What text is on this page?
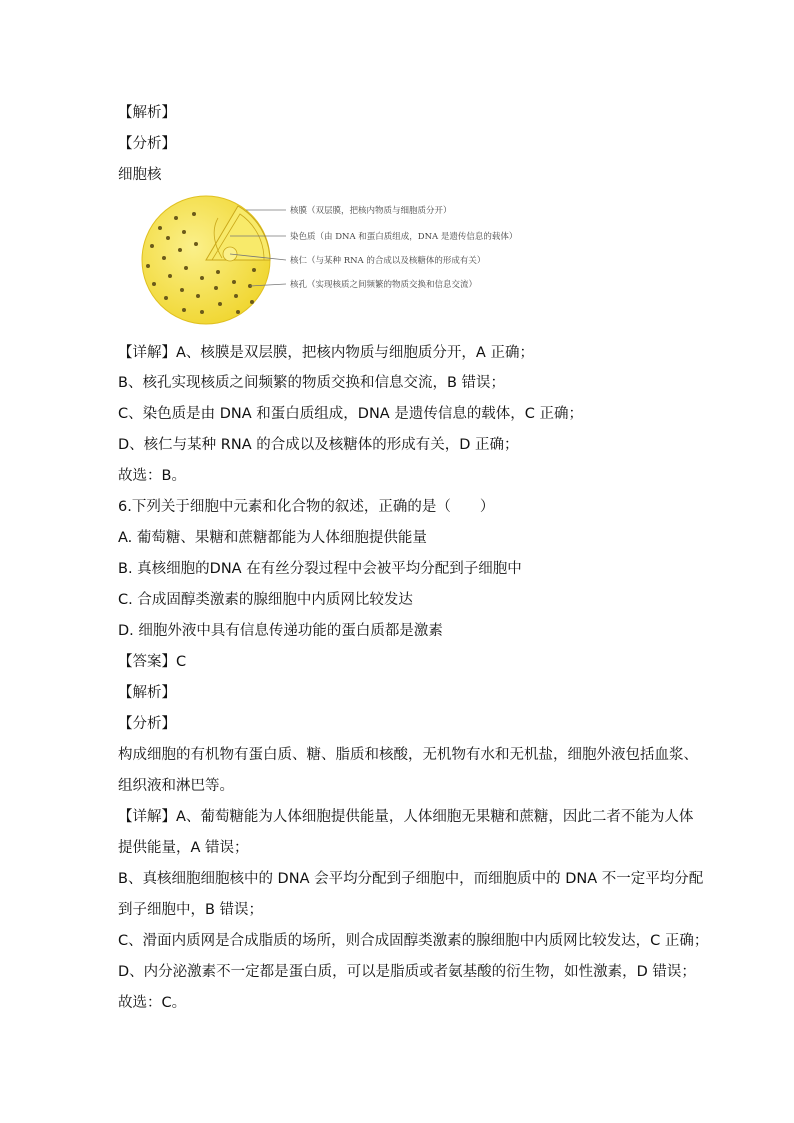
【解析】
【分析】
细胞核
核膜（双层膜，把核内物质与细胞质分开）
染色质（由 DNA 和蛋白质组成，DNA 是遗传信息的载体）
核仁（与某种 RNA 的合成以及核糖体的形成有关）
核孔（实现核质之间频繁的物质交换和信息交流）
【详解】A、核膜是双层膜，把核内物质与细胞质分开，A 正确；
B、核孔实现核质之间频繁的物质交换和信息交流，B 错误；
C、染色质是由 DNA 和蛋白质组成，DNA 是遗传信息的载体，C 正确；
D、核仁与某种 RNA 的合成以及核糖体的形成有关，D 正确；
故选：B。
6.下列关于细胞中元素和化合物的叙述，正确的是（　　）
A. 葡萄糖、果糖和蔗糖都能为人体细胞提供能量
B. 真核细胞的DNA 在有丝分裂过程中会被平均分配到子细胞中
C. 合成固醇类激素的腺细胞中内质网比较发达
D. 细胞外液中具有信息传递功能的蛋白质都是激素
【答案】C
【解析】
【分析】
构成细胞的有机物有蛋白质、糖、脂质和核酸，无机物有水和无机盐，细胞外液包括血浆、
组织液和淋巴等。
【详解】A、葡萄糖能为人体细胞提供能量，人体细胞无果糖和蔗糖，因此二者不能为人体
提供能量，A 错误；
B、真核细胞细胞核中的 DNA 会平均分配到子细胞中，而细胞质中的 DNA 不一定平均分配
到子细胞中，B 错误；
C、滑面内质网是合成脂质的场所，则合成固醇类激素的腺细胞中内质网比较发达，C 正确；
D、内分泌激素不一定都是蛋白质，可以是脂质或者氨基酸的衍生物，如性激素，D 错误；
故选：C。
